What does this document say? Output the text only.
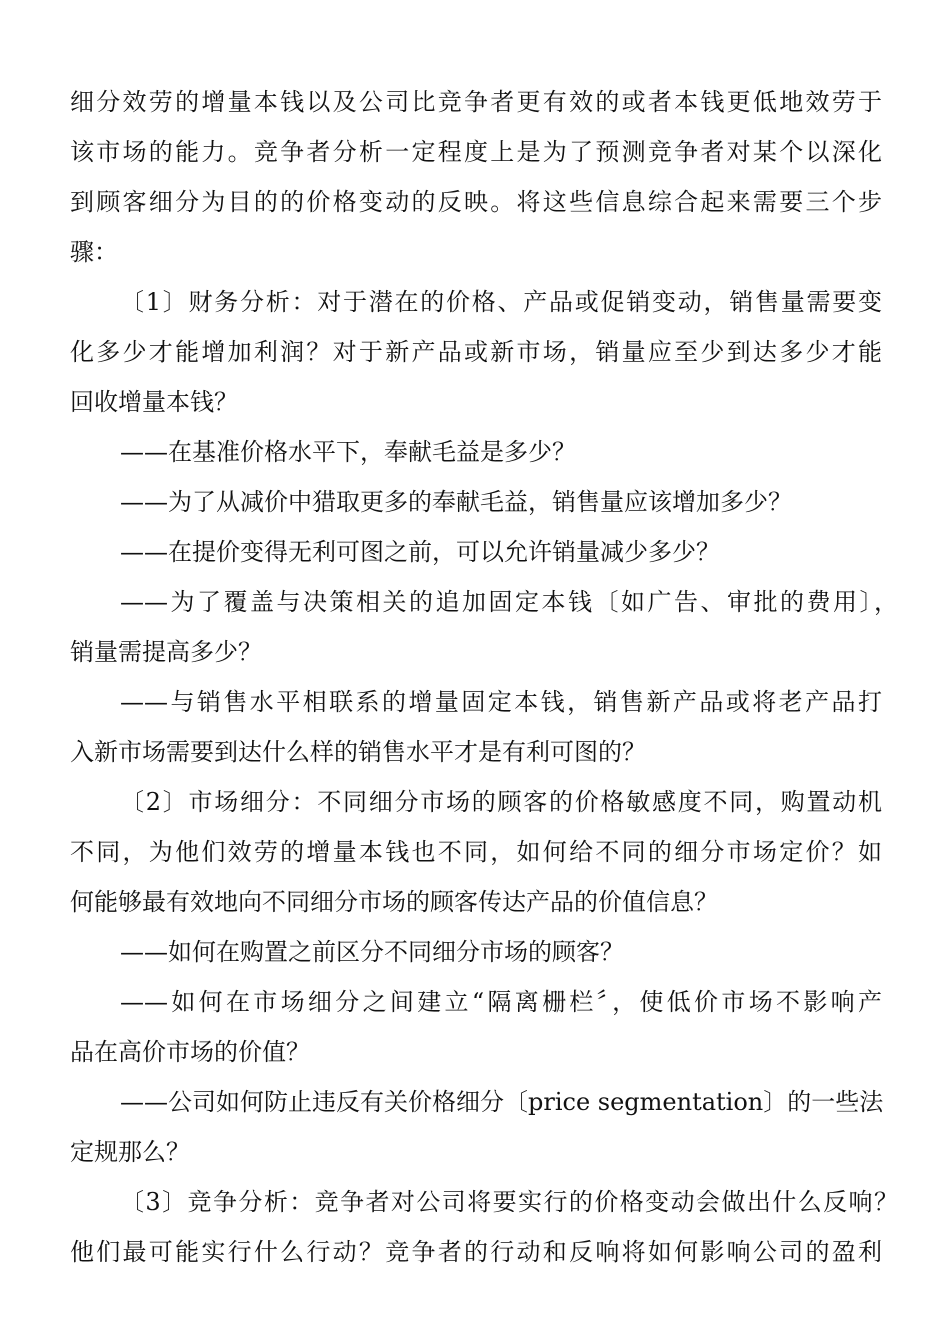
细分效劳的增量本钱以及公司比竞争者更有效的或者本钱更低地效劳于
该市场的能力。竞争者分析一定程度上是为了预测竞争者对某个以深化
到顾客细分为目的的价格变动的反映。将这些信息综合起来需要三个步
骤：
〔1〕财务分析：对于潜在的价格、产品或促销变动，销售量需要变
化多少才能增加利润？对于新产品或新市场，销量应至少到达多少才能
回收增量本钱？
——在基准价格水平下，奉献毛益是多少？
——为了从减价中猎取更多的奉献毛益，销售量应该增加多少？
——在提价变得无利可图之前，可以允许销量减少多少？
——为了覆盖与决策相关的追加固定本钱〔如广告、审批的费用〕，
销量需提高多少？
——与销售水平相联系的增量固定本钱，销售新产品或将老产品打
入新市场需要到达什么样的销售水平才是有利可图的？
〔2〕市场细分：不同细分市场的顾客的价格敏感度不同，购置动机
不同，为他们效劳的增量本钱也不同，如何给不同的细分市场定价？如
何能够最有效地向不同细分市场的顾客传达产品的价值信息？
——如何在购置之前区分不同细分市场的顾客？
——如何在市场细分之间建立“隔离栅栏〞，使低价市场不影响产
品在高价市场的价值？
——公司如何防止违反有关价格细分〔price segmentation〕的一些法
定规那么？
〔3〕竞争分析：竞争者对公司将要实行的价格变动会做出什么反响？
他们最可能实行什么行动？竞争者的行动和反响将如何影响公司的盈利
